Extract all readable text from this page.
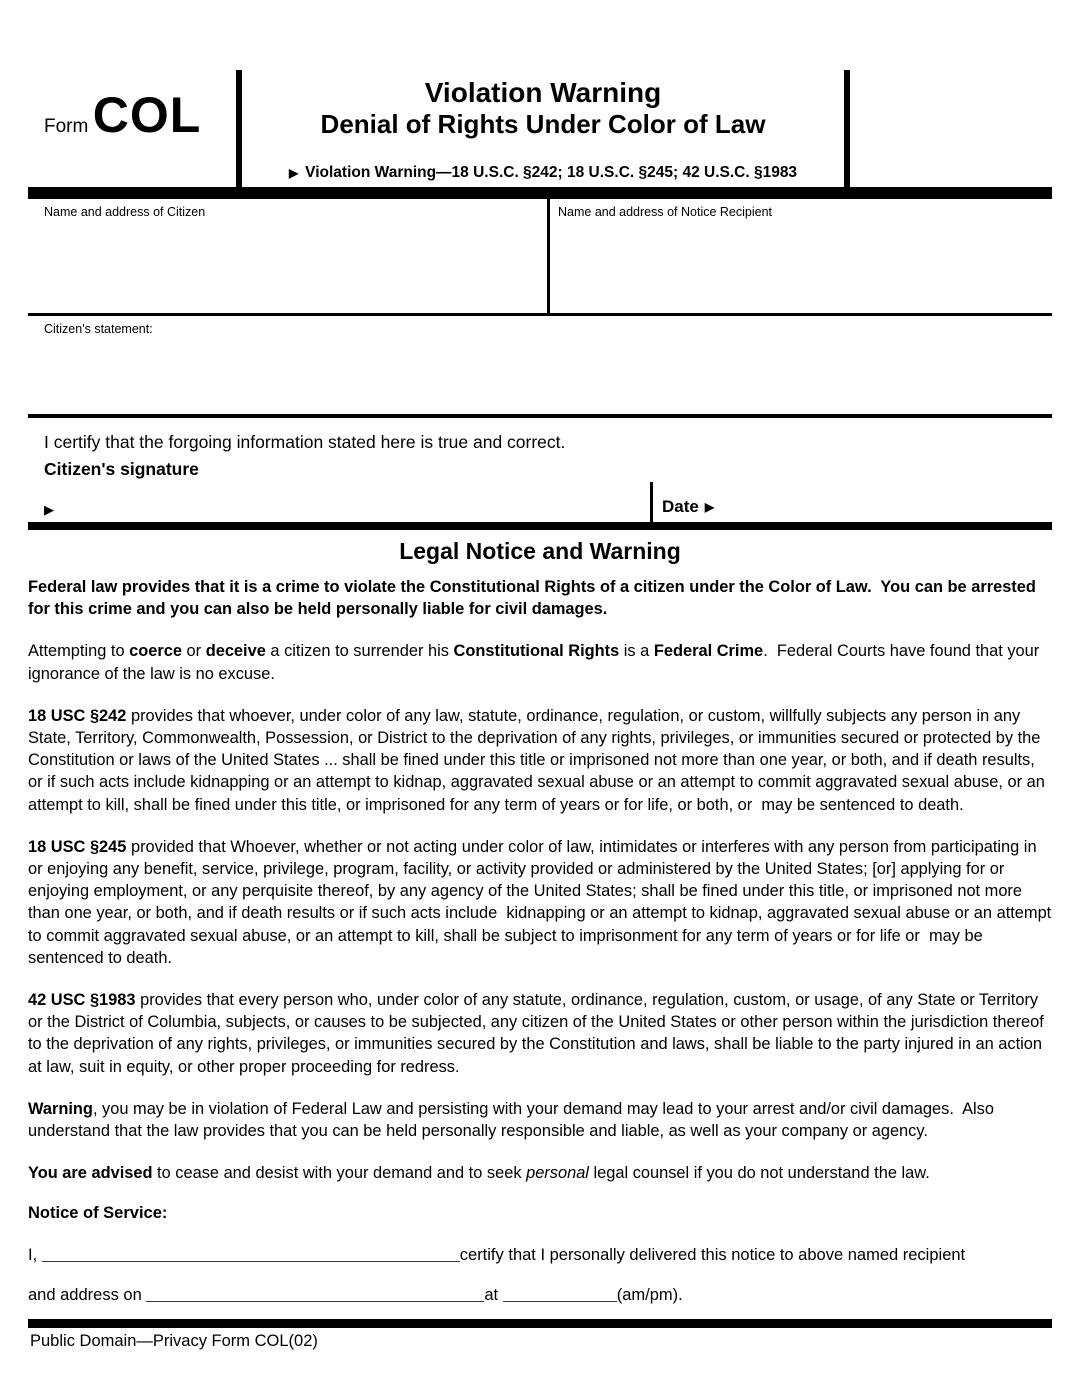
Form COL	Violation Warning
Denial of Rights Under Color of Law
▶ Violation Warning—18 U.S.C. §242; 18 U.S.C. §245; 42 U.S.C. §1983
Name and address of Citizen	Name and address of Notice Recipient
Citizen's statement:
I certify that the forgoing information stated here is true and correct.
Citizen's signature
▶	Date ▶
Legal Notice and Warning

Federal law provides that it is a crime to violate the Constitutional Rights of a citizen under the Color of Law.  You can be arrested for this crime and you can also be held personally liable for civil damages.

Attempting to coerce or deceive a citizen to surrender his Constitutional Rights is a Federal Crime.  Federal Courts have found that your ignorance of the law is no excuse.

18 USC §242 provides that whoever, under color of any law, statute, ordinance, regulation, or custom, willfully subjects any person in any State, Territory, Commonwealth, Possession, or District to the deprivation of any rights, privileges, or immunities secured or protected by the Constitution or laws of the United States ... shall be fined under this title or imprisoned not more than one year, or both, and if death results, or if such acts include kidnapping or an attempt to kidnap, aggravated sexual abuse or an attempt to commit aggravated sexual abuse, or an attempt to kill, shall be fined under this title, or imprisoned for any term of years or for life, or both, or  may be sentenced to death.

18 USC §245 provided that Whoever, whether or not acting under color of law, intimidates or interferes with any person from participating in or enjoying any benefit, service, privilege, program, facility, or activity provided or administered by the United States; [or] applying for or enjoying employment, or any perquisite thereof, by any agency of the United States; shall be fined under this title, or imprisoned not more than one year, or both, and if death results or if such acts include  kidnapping or an attempt to kidnap, aggravated sexual abuse or an attempt to commit aggravated sexual abuse, or an attempt to kill, shall be subject to imprisonment for any term of years or for life or  may be sentenced to death.

42 USC §1983 provides that every person who, under color of any statute, ordinance, regulation, custom, or usage, of any State or Territory or the District of Columbia, subjects, or causes to be subjected, any citizen of the United States or other person within the jurisdiction thereof to the deprivation of any rights, privileges, or immunities secured by the Constitution and laws, shall be liable to the party injured in an action at law, suit in equity, or other proper proceeding for redress.

Warning, you may be in violation of Federal Law and persisting with your demand may lead to your arrest and/or civil damages.  Also understand that the law provides that you can be held personally responsible and liable, as well as your company or agency.

You are advised to cease and desist with your demand and to seek personal legal counsel if you do not understand the law.

Notice of Service:
I,	certify that I personally delivered this notice to above named recipient
and address on	at	(am/pm).
Public Domain—Privacy Form COL(02)
